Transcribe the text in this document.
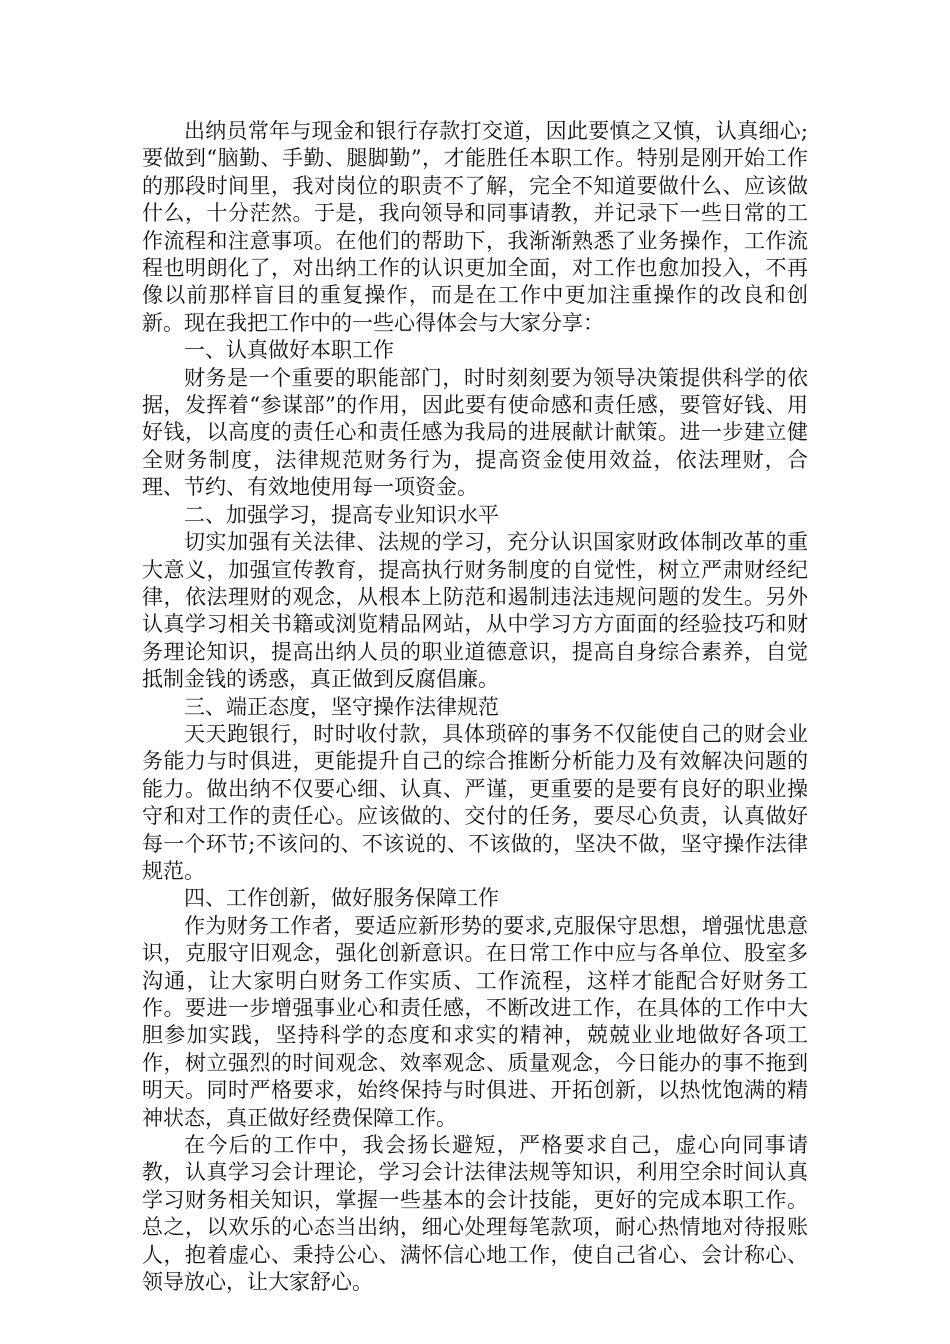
出纳员常年与现金和银行存款打交道，因此要慎之又慎，认真细心;要做到“脑勤、手勤、腿脚勤”，才能胜任本职工作。特别是刚开始工作的那段时间里，我对岗位的职责不了解，完全不知道要做什么、应该做什么，十分茫然。于是，我向领导和同事请教，并记录下一些日常的工作流程和注意事项。在他们的帮助下，我渐渐熟悉了业务操作，工作流程也明朗化了，对出纳工作的认识更加全面，对工作也愈加投入，不再像以前那样盲目的重复操作，而是在工作中更加注重操作的改良和创新。现在我把工作中的一些心得体会与大家分享：

一、认真做好本职工作

财务是一个重要的职能部门，时时刻刻要为领导决策提供科学的依据，发挥着“参谋部”的作用，因此要有使命感和责任感，要管好钱、用好钱，以高度的责任心和责任感为我局的进展献计献策。进一步建立健全财务制度，法律规范财务行为，提高资金使用效益，依法理财，合理、节约、有效地使用每一项资金。

二、加强学习，提高专业知识水平

切实加强有关法律、法规的学习，充分认识国家财政体制改革的重大意义，加强宣传教育，提高执行财务制度的自觉性，树立严肃财经纪律，依法理财的观念，从根本上防范和遏制违法违规问题的发生。另外认真学习相关书籍或浏览精品网站，从中学习方方面面的经验技巧和财务理论知识，提高出纳人员的职业道德意识，提高自身综合素养，自觉抵制金钱的诱惑，真正做到反腐倡廉。

三、端正态度，坚守操作法律规范

天天跑银行，时时收付款，具体琐碎的事务不仅能使自己的财会业务能力与时俱进，更能提升自己的综合推断分析能力及有效解决问题的能力。做出纳不仅要心细、认真、严谨，更重要的是要有良好的职业操守和对工作的责任心。应该做的、交付的任务，要尽心负责，认真做好每一个环节;不该问的、不该说的、不该做的，坚决不做，坚守操作法律规范。

四、工作创新，做好服务保障工作

作为财务工作者，要适应新形势的要求,克服保守思想，增强忧患意识，克服守旧观念，强化创新意识。在日常工作中应与各单位、股室多沟通，让大家明白财务工作实质、工作流程，这样才能配合好财务工作。要进一步增强事业心和责任感，不断改进工作，在具体的工作中大胆参加实践，坚持科学的态度和求实的精神，兢兢业业地做好各项工作，树立强烈的时间观念、效率观念、质量观念，今日能办的事不拖到明天。同时严格要求，始终保持与时俱进、开拓创新，以热忱饱满的精神状态，真正做好经费保障工作。

在今后的工作中，我会扬长避短，严格要求自己，虚心向同事请教，认真学习会计理论，学习会计法律法规等知识，利用空余时间认真学习财务相关知识，掌握一些基本的会计技能，更好的完成本职工作。总之，以欢乐的心态当出纳，细心处理每笔款项，耐心热情地对待报账人，抱着虚心、秉持公心、满怀信心地工作，使自己省心、会计称心、领导放心，让大家舒心。
